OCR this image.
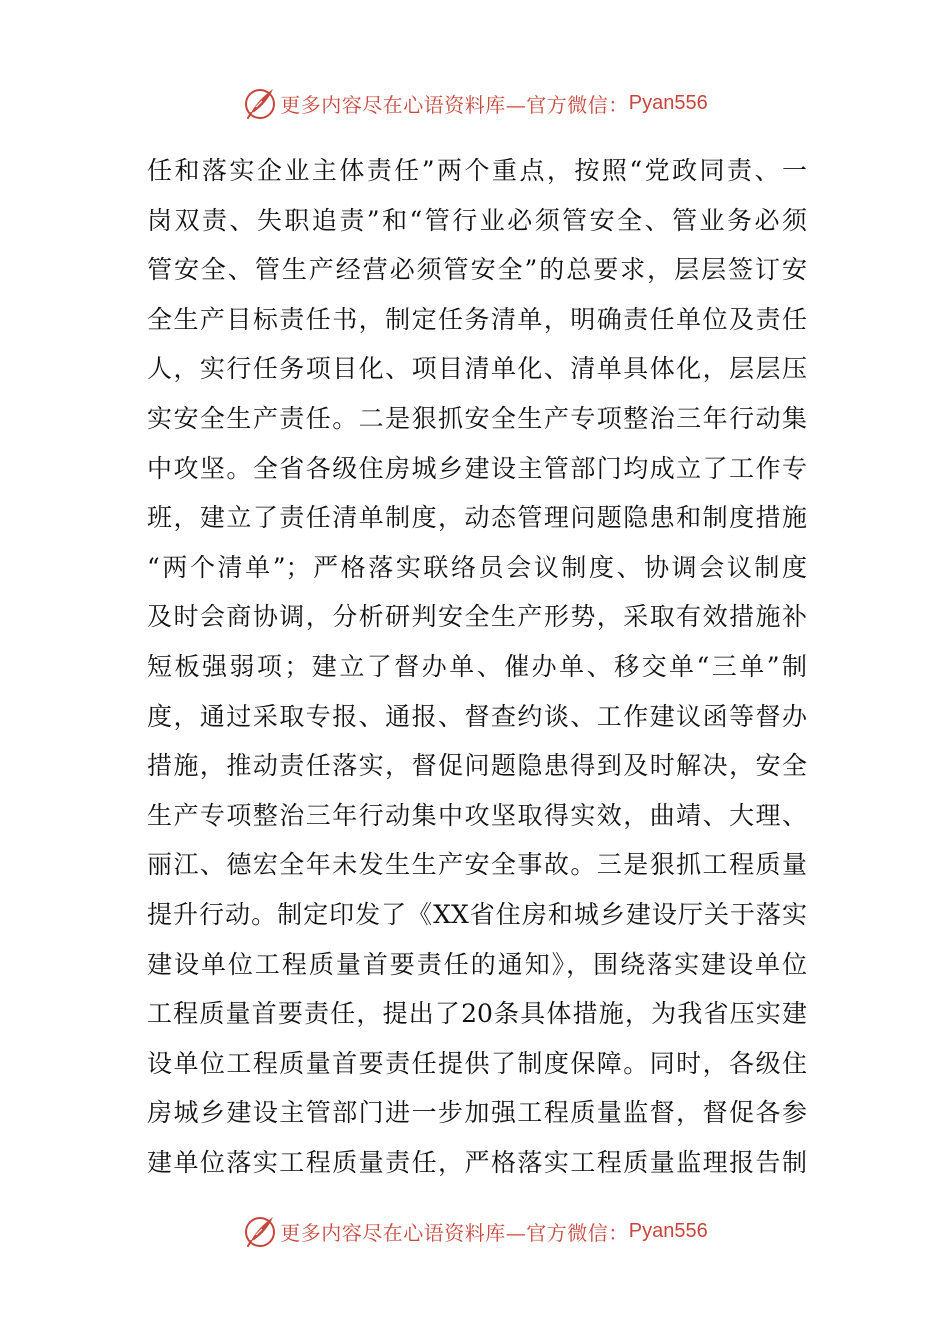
更多内容尽在心语资料库—官方微信： Pyan556
任和落实企业主体责任”两个重点，按照“党政同责、一
岗双责、失职追责”和“管行业必须管安全、管业务必须
管安全、管生产经营必须管安全”的总要求，层层签订安
全生产目标责任书，制定任务清单，明确责任单位及责任
人，实行任务项目化、项目清单化、清单具体化，层层压
实安全生产责任。二是狠抓安全生产专项整治三年行动集
中攻坚。全省各级住房城乡建设主管部门均成立了工作专
班，建立了责任清单制度，动态管理问题隐患和制度措施
“两个清单”；严格落实联络员会议制度、协调会议制度
及时会商协调，分析研判安全生产形势，采取有效措施补
短板强弱项；建立了督办单、催办单、移交单“三单”制
度，通过采取专报、通报、督查约谈、工作建议函等督办
措施，推动责任落实，督促问题隐患得到及时解决，安全
生产专项整治三年行动集中攻坚取得实效，曲靖、大理、
丽江、德宏全年未发生生产安全事故。三是狠抓工程质量
提升行动。制定印发了《XX省住房和城乡建设厅关于落实
建设单位工程质量首要责任的通知》，围绕落实建设单位
工程质量首要责任，提出了20条具体措施，为我省压实建
设单位工程质量首要责任提供了制度保障。同时，各级住
房城乡建设主管部门进一步加强工程质量监督，督促各参
建单位落实工程质量责任，严格落实工程质量监理报告制
更多内容尽在心语资料库—官方微信： Pyan556
